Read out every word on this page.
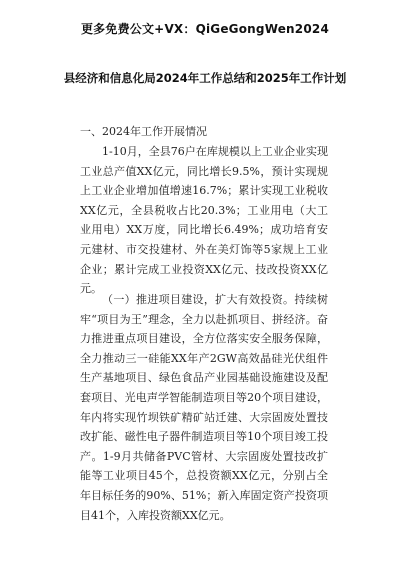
更多免费公文+VX：QiGeGongWen2024
县经济和信息化局2024年工作总结和2025年工作计划
一、2024年工作开展情况
1-10月，全县76户在库规模以上工业企业实现工业总产值XX亿元，同比增长9.5%，预计实现规上工业企业增加值增速16.7%；累计实现工业税收XX亿元，全县税收占比20.3%；工业用电（大工业用电）XX万度，同比增长6.49%；成功培育安元建材、市交投建材、外在美灯饰等5家规上工业企业；累计完成工业投资XX亿元、技改投资XX亿元。
（一）推进项目建设，扩大有效投资。持续树牢“项目为王”理念，全力以赴抓项目、拼经济。奋力推进重点项目建设，全方位落实安全服务保障，全力推动三一硅能XX年产2GW高效晶硅光伏组件生产基地项目、绿色食品产业园基础设施建设及配套项目、光电声学智能制造项目等20个项目建设，年内将实现竹坝铁矿精矿站迁建、大宗固废处置技改扩能、磁性电子器件制造项目等10个项目竣工投产。1-9月共储备PVC管材、大宗固废处置技改扩能等工业项目45个，总投资额XX亿元，分别占全年目标任务的90%、51%；新入库固定资产投资项目41个，入库投资额XX亿元。
